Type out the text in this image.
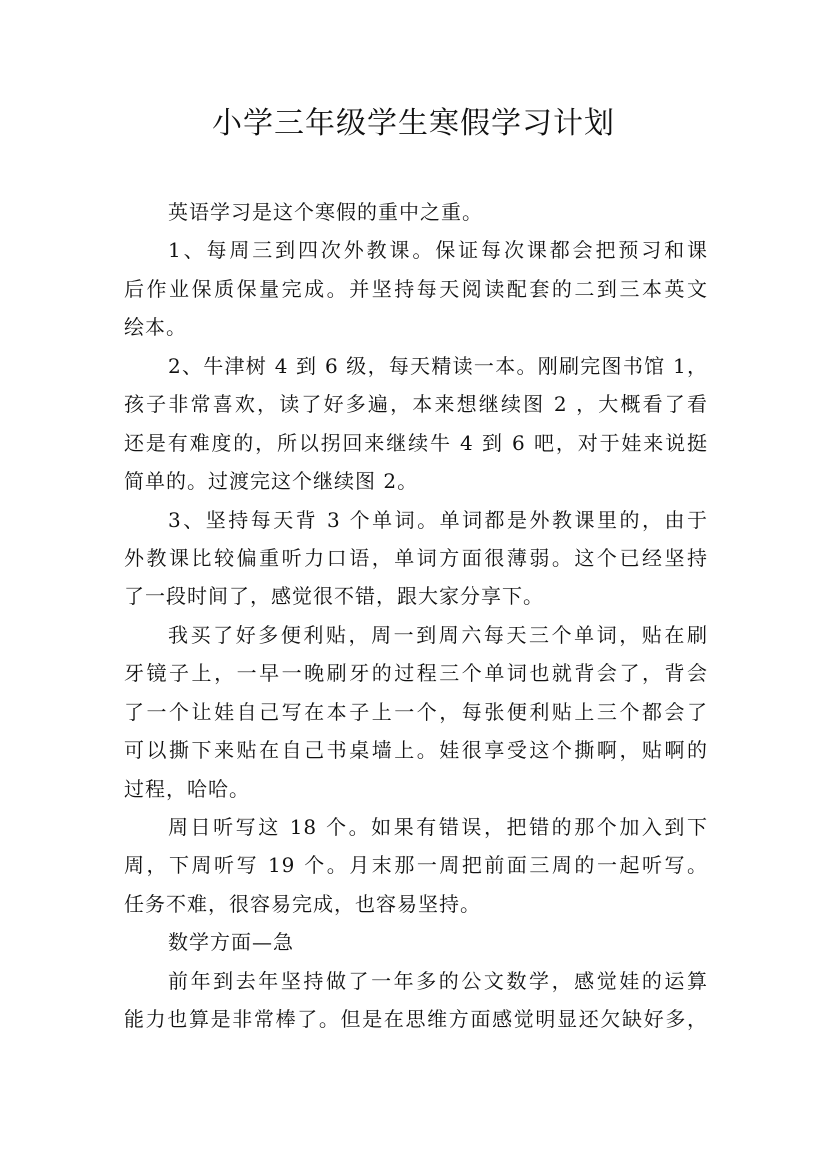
小学三年级学生寒假学习计划
英语学习是这个寒假的重中之重。
1、每周三到四次外教课。保证每次课都会把预习和课
后作业保质保量完成。并坚持每天阅读配套的二到三本英文
绘本。
2、牛津树 4 到 6 级，每天精读一本。刚刷完图书馆 1，
孩子非常喜欢，读了好多遍，本来想继续图 2 ，大概看了看
还是有难度的，所以拐回来继续牛 4 到 6 吧，对于娃来说挺
简单的。过渡完这个继续图 2。
3、坚持每天背 3 个单词。单词都是外教课里的，由于
外教课比较偏重听力口语，单词方面很薄弱。这个已经坚持
了一段时间了，感觉很不错，跟大家分享下。
我买了好多便利贴，周一到周六每天三个单词，贴在刷
牙镜子上，一早一晚刷牙的过程三个单词也就背会了，背会
了一个让娃自己写在本子上一个，每张便利贴上三个都会了
可以撕下来贴在自己书桌墙上。娃很享受这个撕啊，贴啊的
过程，哈哈。
周日听写这 18 个。如果有错误，把错的那个加入到下
周，下周听写 19 个。月末那一周把前面三周的一起听写。
任务不难，很容易完成，也容易坚持。
数学方面—急
前年到去年坚持做了一年多的公文数学，感觉娃的运算
能力也算是非常棒了。但是在思维方面感觉明显还欠缺好多，
